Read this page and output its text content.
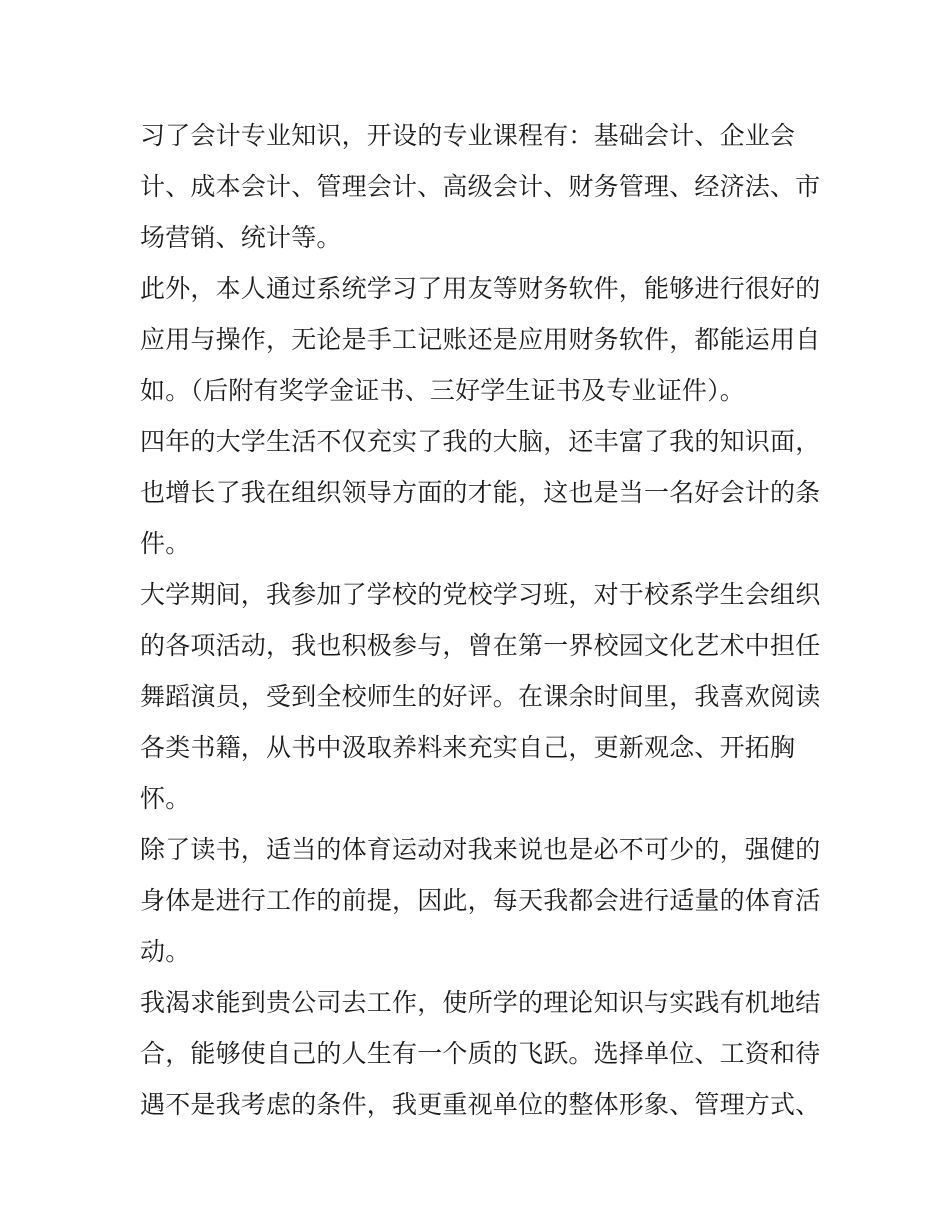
习了会计专业知识，开设的专业课程有：基础会计、企业会
计、成本会计、管理会计、高级会计、财务管理、经济法、市
场营销、统计等。
此外，本人通过系统学习了用友等财务软件，能够进行很好的
应用与操作，无论是手工记账还是应用财务软件，都能运用自
如。（后附有奖学金证书、三好学生证书及专业证件）。
四年的大学生活不仅充实了我的大脑，还丰富了我的知识面，
也增长了我在组织领导方面的才能，这也是当一名好会计的条
件。
大学期间，我参加了学校的党校学习班，对于校系学生会组织
的各项活动，我也积极参与，曾在第一界校园文化艺术中担任
舞蹈演员，受到全校师生的好评。在课余时间里，我喜欢阅读
各类书籍，从书中汲取养料来充实自己，更新观念、开拓胸
怀。
除了读书，适当的体育运动对我来说也是必不可少的，强健的
身体是进行工作的前提，因此，每天我都会进行适量的体育活
动。
我渴求能到贵公司去工作，使所学的理论知识与实践有机地结
合，能够使自己的人生有一个质的飞跃。选择单位、工资和待
遇不是我考虑的条件，我更重视单位的整体形象、管理方式、
